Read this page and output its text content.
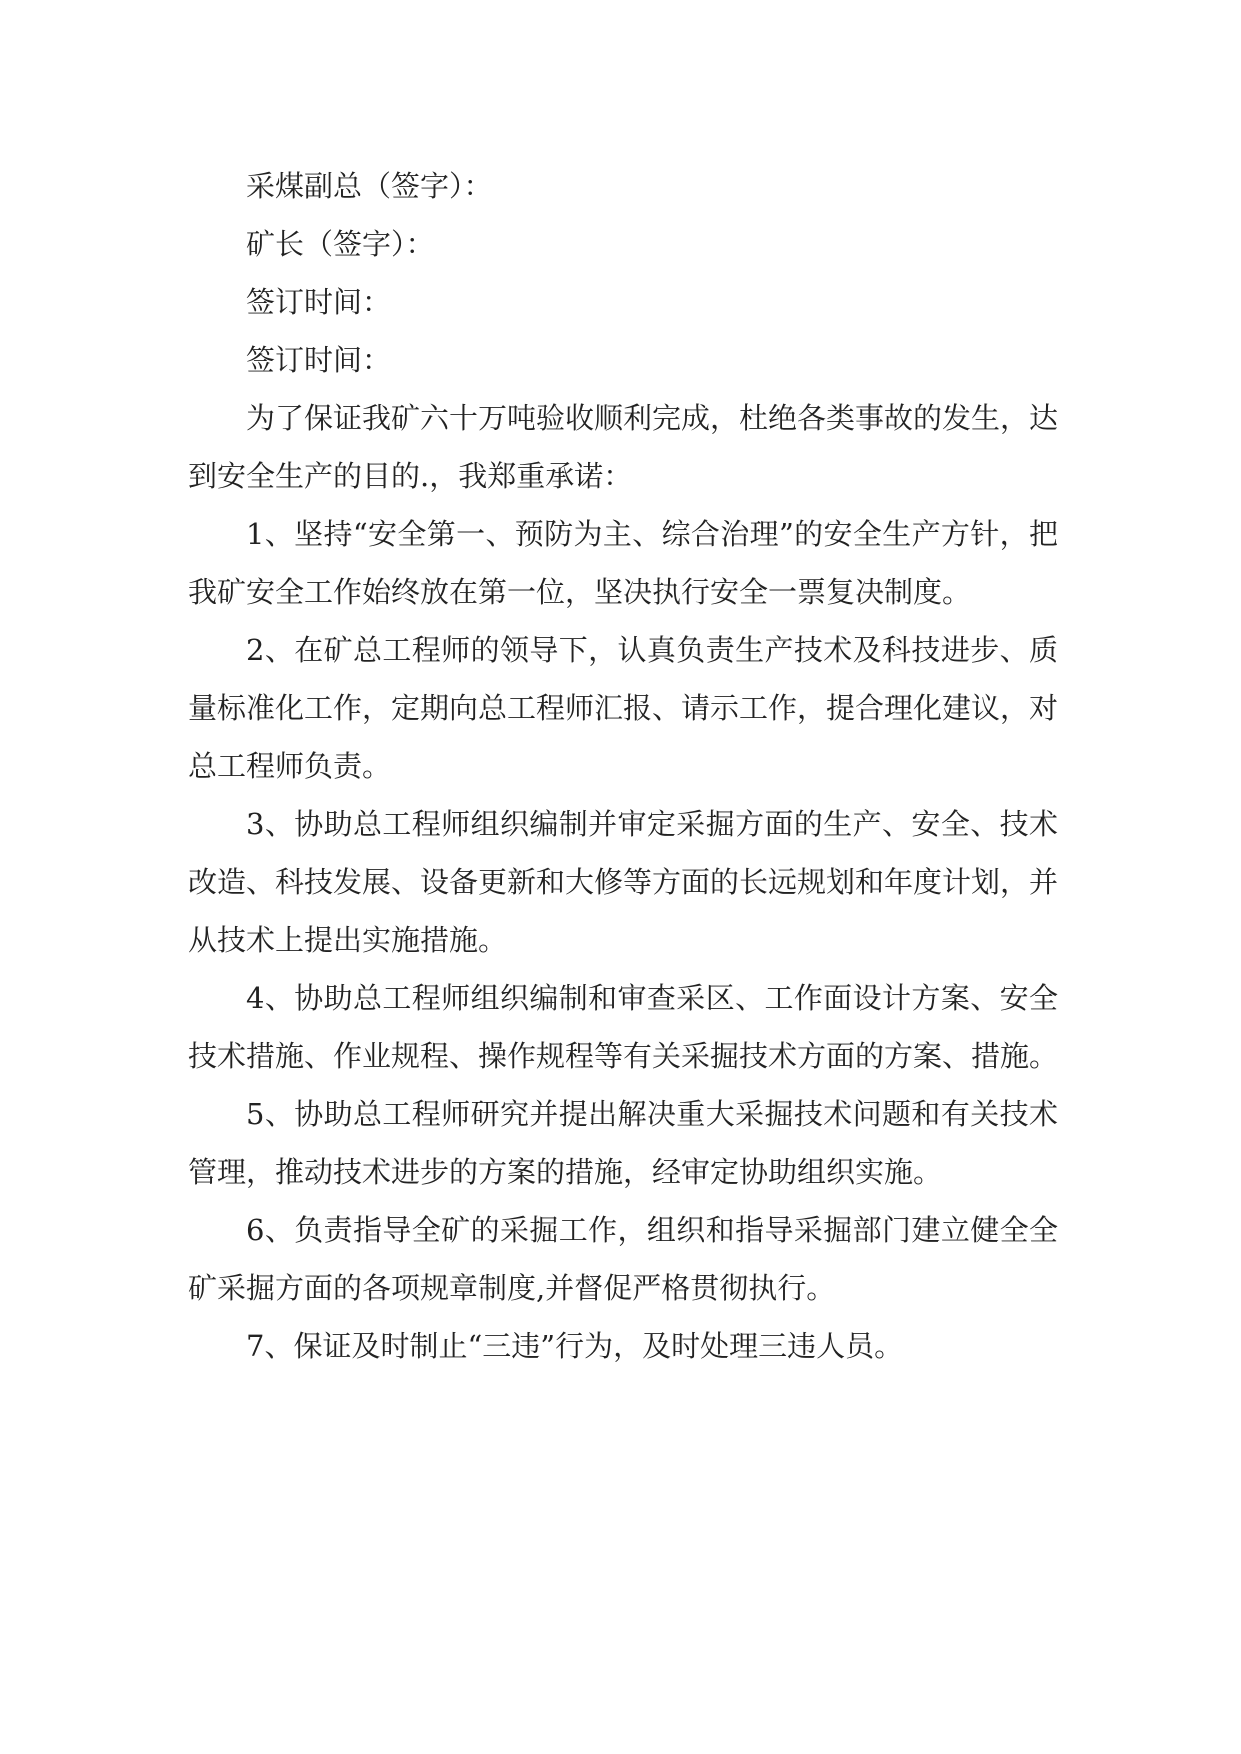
采煤副总（签字）：

矿长（签字）：

签订时间：

签订时间：

为了保证我矿六十万吨验收顺利完成，杜绝各类事故的发生，达到安全生产的目的.，我郑重承诺：

1、坚持“安全第一、预防为主、综合治理”的安全生产方针，把我矿安全工作始终放在第一位，坚决执行安全一票复决制度。

2、在矿总工程师的领导下，认真负责生产技术及科技进步、质量标准化工作，定期向总工程师汇报、请示工作，提合理化建议，对总工程师负责。

3、协助总工程师组织编制并审定采掘方面的生产、安全、技术改造、科技发展、设备更新和大修等方面的长远规划和年度计划，并从技术上提出实施措施。

4、协助总工程师组织编制和审查采区、工作面设计方案、安全技术措施、作业规程、操作规程等有关采掘技术方面的方案、措施。

5、协助总工程师研究并提出解决重大采掘技术问题和有关技术管理，推动技术进步的方案的措施，经审定协助组织实施。

6、负责指导全矿的采掘工作，组织和指导采掘部门建立健全全矿采掘方面的各项规章制度,并督促严格贯彻执行。

7、保证及时制止“三违”行为，及时处理三违人员。
